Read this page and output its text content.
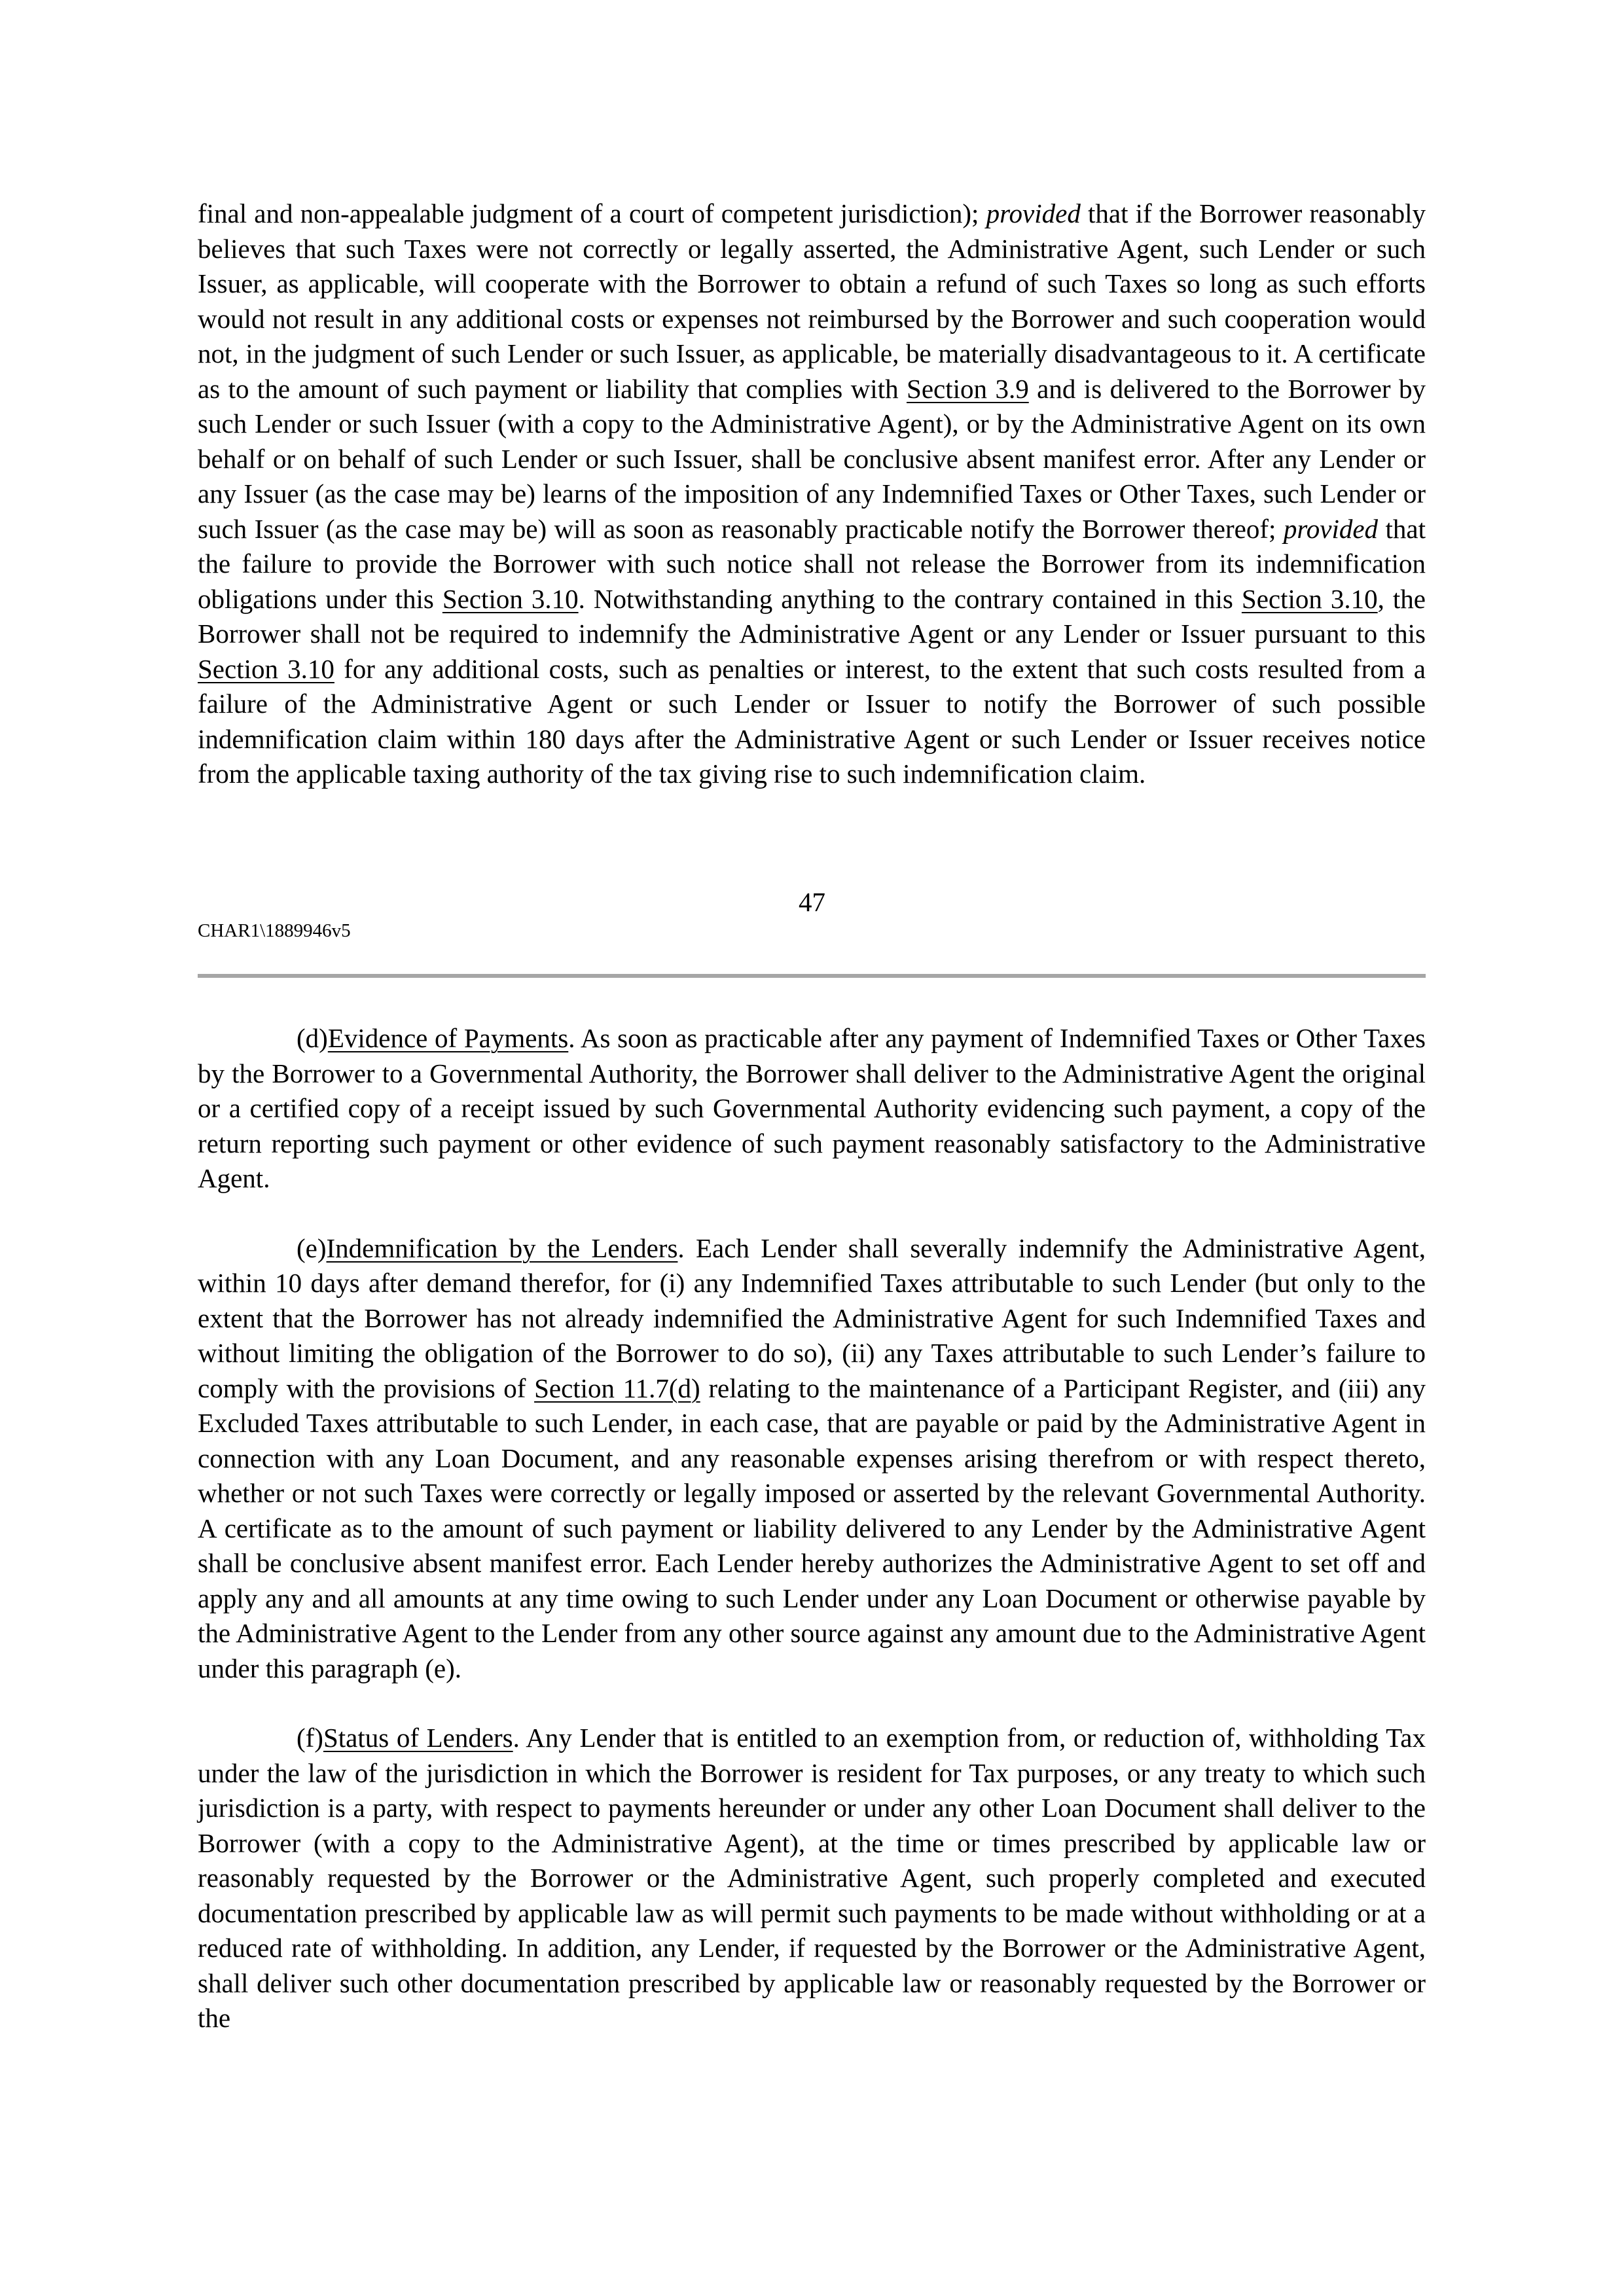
final and non-appealable judgment of a court of competent jurisdiction); provided that if the Borrower reasonably believes that such Taxes were not correctly or legally asserted, the Administrative Agent, such Lender or such Issuer, as applicable, will cooperate with the Borrower to obtain a refund of such Taxes so long as such efforts would not result in any additional costs or expenses not reimbursed by the Borrower and such cooperation would not, in the judgment of such Lender or such Issuer, as applicable, be materially disadvantageous to it. A certificate as to the amount of such payment or liability that complies with Section 3.9 and is delivered to the Borrower by such Lender or such Issuer (with a copy to the Administrative Agent), or by the Administrative Agent on its own behalf or on behalf of such Lender or such Issuer, shall be conclusive absent manifest error. After any Lender or any Issuer (as the case may be) learns of the imposition of any Indemnified Taxes or Other Taxes, such Lender or such Issuer (as the case may be) will as soon as reasonably practicable notify the Borrower thereof; provided that the failure to provide the Borrower with such notice shall not release the Borrower from its indemnification obligations under this Section 3.10. Notwithstanding anything to the contrary contained in this Section 3.10, the Borrower shall not be required to indemnify the Administrative Agent or any Lender or Issuer pursuant to this Section 3.10 for any additional costs, such as penalties or interest, to the extent that such costs resulted from a failure of the Administrative Agent or such Lender or Issuer to notify the Borrower of such possible indemnification claim within 180 days after the Administrative Agent or such Lender or Issuer receives notice from the applicable taxing authority of the tax giving rise to such indemnification claim.

47
CHAR1\1889946v5

(d)Evidence of Payments. As soon as practicable after any payment of Indemnified Taxes or Other Taxes by the Borrower to a Governmental Authority, the Borrower shall deliver to the Administrative Agent the original or a certified copy of a receipt issued by such Governmental Authority evidencing such payment, a copy of the return reporting such payment or other evidence of such payment reasonably satisfactory to the Administrative Agent.

(e)Indemnification by the Lenders. Each Lender shall severally indemnify the Administrative Agent, within 10 days after demand therefor, for (i) any Indemnified Taxes attributable to such Lender (but only to the extent that the Borrower has not already indemnified the Administrative Agent for such Indemnified Taxes and without limiting the obligation of the Borrower to do so), (ii) any Taxes attributable to such Lender’s failure to comply with the provisions of Section 11.7(d) relating to the maintenance of a Participant Register, and (iii) any Excluded Taxes attributable to such Lender, in each case, that are payable or paid by the Administrative Agent in connection with any Loan Document, and any reasonable expenses arising therefrom or with respect thereto, whether or not such Taxes were correctly or legally imposed or asserted by the relevant Governmental Authority. A certificate as to the amount of such payment or liability delivered to any Lender by the Administrative Agent shall be conclusive absent manifest error. Each Lender hereby authorizes the Administrative Agent to set off and apply any and all amounts at any time owing to such Lender under any Loan Document or otherwise payable by the Administrative Agent to the Lender from any other source against any amount due to the Administrative Agent under this paragraph (e).

(f)Status of Lenders. Any Lender that is entitled to an exemption from, or reduction of, withholding Tax under the law of the jurisdiction in which the Borrower is resident for Tax purposes, or any treaty to which such jurisdiction is a party, with respect to payments hereunder or under any other Loan Document shall deliver to the Borrower (with a copy to the Administrative Agent), at the time or times prescribed by applicable law or reasonably requested by the Borrower or the Administrative Agent, such properly completed and executed documentation prescribed by applicable law as will permit such payments to be made without withholding or at a reduced rate of withholding. In addition, any Lender, if requested by the Borrower or the Administrative Agent, shall deliver such other documentation prescribed by applicable law or reasonably requested by the Borrower or the
